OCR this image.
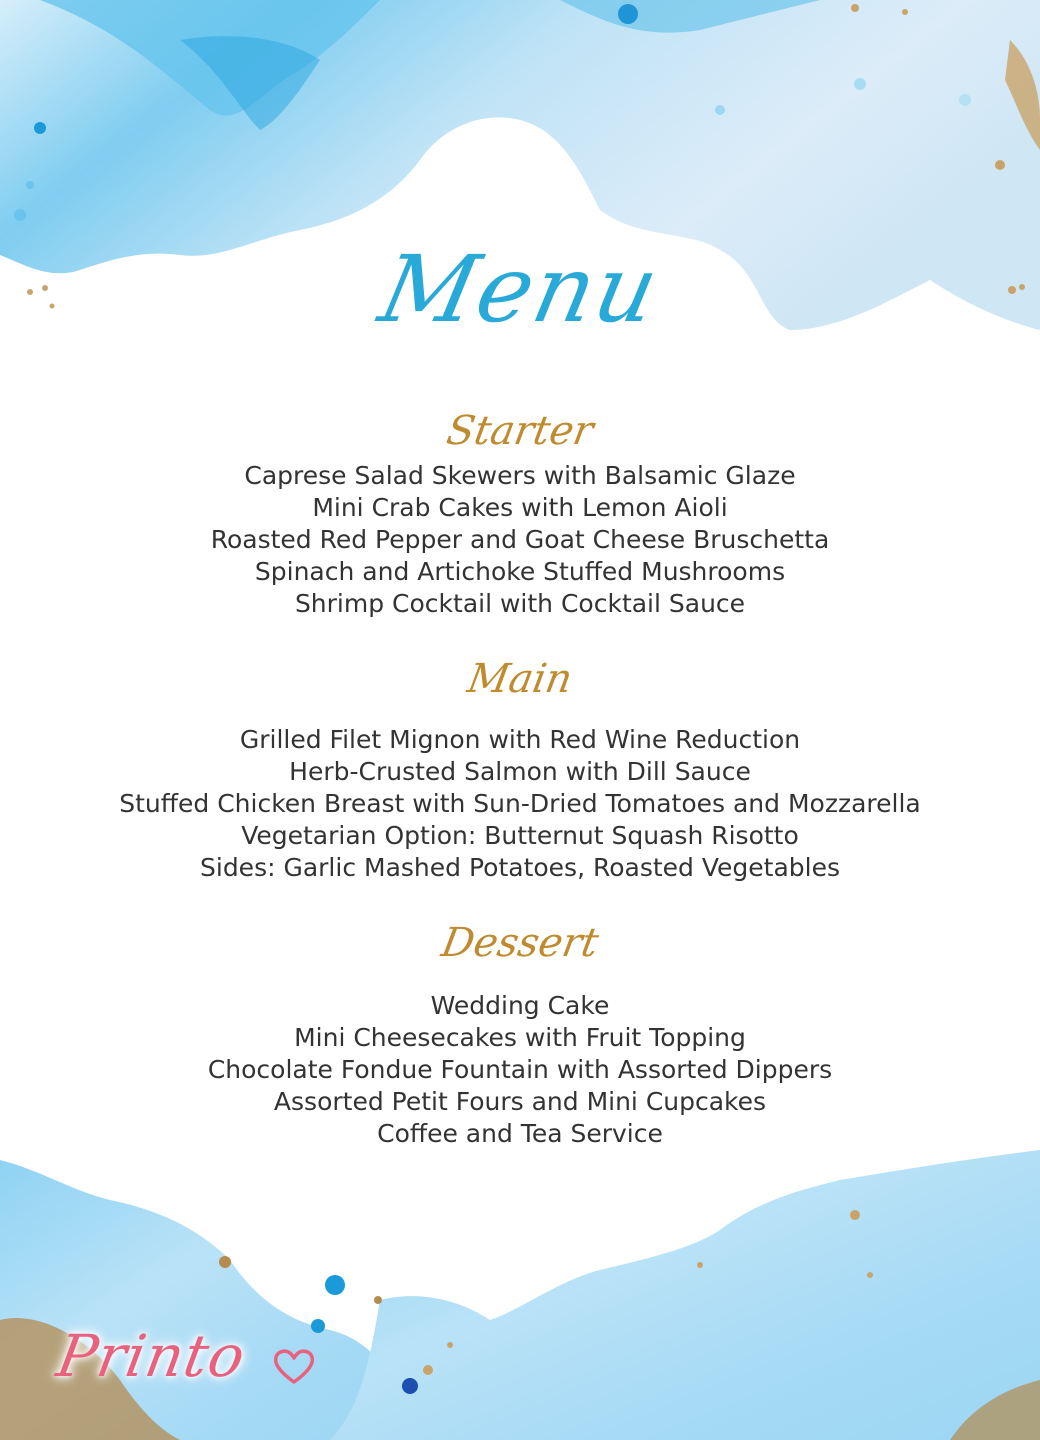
Menu
Starter
Caprese Salad Skewers with Balsamic Glaze
Mini Crab Cakes with Lemon Aioli
Roasted Red Pepper and Goat Cheese Bruschetta
Spinach and Artichoke Stuffed Mushrooms
Shrimp Cocktail with Cocktail Sauce
Main
Grilled Filet Mignon with Red Wine Reduction
Herb-Crusted Salmon with Dill Sauce
Stuffed Chicken Breast with Sun-Dried Tomatoes and Mozzarella
Vegetarian Option: Butternut Squash Risotto
Sides: Garlic Mashed Potatoes, Roasted Vegetables
Dessert
Wedding Cake
Mini Cheesecakes with Fruit Topping
Chocolate Fondue Fountain with Assorted Dippers
Assorted Petit Fours and Mini Cupcakes
Coffee and Tea Service
Printo
